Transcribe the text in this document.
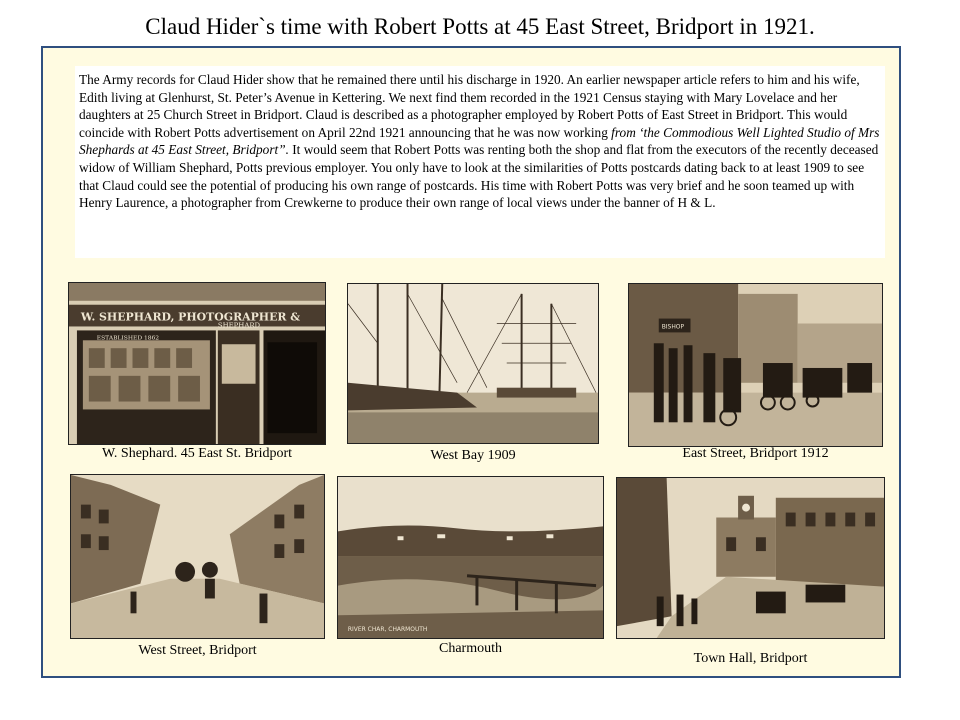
Claud Hider`s time with Robert Potts at 45 East Street, Bridport in 1921.
The Army records for Claud Hider show that he remained there until his discharge in 1920. An earlier newspaper article refers to him and his wife, Edith living at Glenhurst, St. Peter’s Avenue in Kettering. We next find them recorded in the 1921 Census staying with Mary Lovelace and her daughters at 25 Church Street in Bridport. Claud is described as a photographer employed by Robert Potts of East Street in Bridport. This would coincide with Robert Potts advertisement on April 22nd 1921 announcing that he was now working from ‘the Commodious Well Lighted Studio of Mrs Shephards at 45 East Street, Bridport”. It would seem that Robert Potts was renting both the shop and flat from the executors of the recently deceased widow of William Shephard, Potts previous employer. You only have to look at the similarities of Potts postcards dating back to at least 1909 to see that Claud could see the potential of producing his own range of postcards. His time with Robert Potts was very brief and he soon teamed up with Henry Laurence, a photographer from Crewkerne to produce their own range of local views under the banner of H & L.
W. SHEPHARD, PHOTOGRAPHER &
ESTABLISHED 1862
SHEPHARD
W. Shephard. 45 East St. Bridport	West Bay 1909
BISHOP
East Street, Bridport 1912
West Street, Bridport
RIVER CHAR, CHARMOUTH
Charmouth
Town Hall, Bridport
